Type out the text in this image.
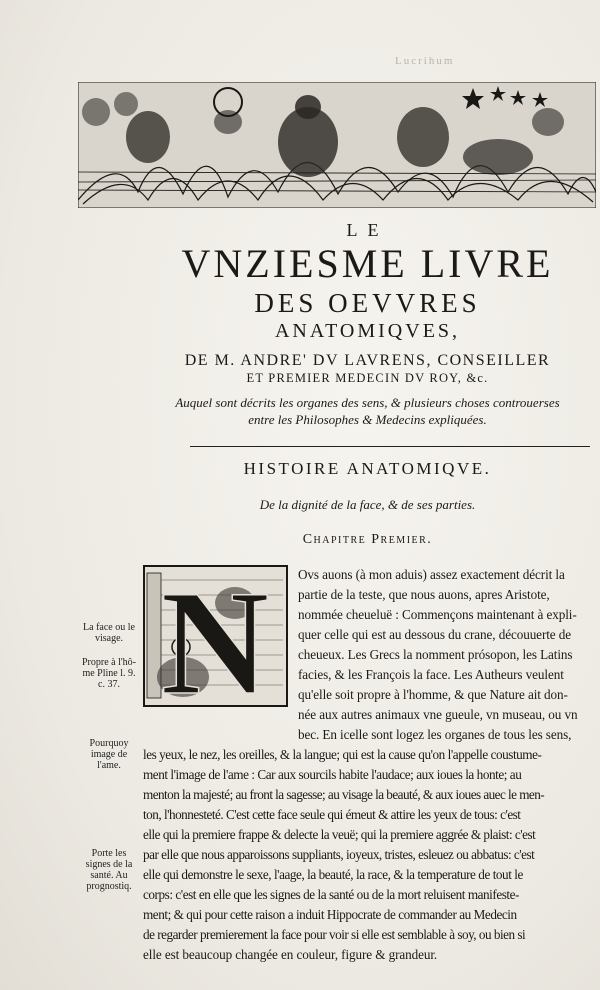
Lucrihum

LE

VNZIESME LIVRE

DES OEVVRES

ANATOMIQVES,

DE M. ANDRE' DV LAVRENS, CONSEILLER

ET PREMIER MEDECIN DV ROY, &c.

Auquel sont décrits les organes des sens, & plusieurs choses controuerses

entre les Philosophes & Medecins expliquées.

HISTOIRE ANATOMIQVE.
De la dignité de la face, & de ses parties.
Chapitre Premier.
N Ovs auons (à mon aduis) assez exactement décrit la
partie de la teste, que nous auons, apres Aristote,
nommée cheueluë : Commençons maintenant à expli-
quer celle qui est au dessous du crane, découuerte de
cheueux. Les Grecs la nomment prósopon, les Latins
facies, & les François la face. Les Autheurs veulent
qu'elle soit propre à l'homme, & que Nature ait don-
née aux autres animaux vne gueule, vn museau, ou vn
bec. En icelle sont logez les organes de tous les sens,
les yeux, le nez, les oreilles, & la langue; qui est la cause qu'on l'appelle coustume-
ment l'image de l'ame : Car aux sourcils habite l'audace; aux ioues la honte; au
menton la majesté; au front la sagesse; au visage la beauté, & aux ioues auec le men-
ton, l'honnesteté. C'est cette face seule qui émeut & attire les yeux de tous: c'est
elle qui la premiere frappe & delecte la veuë; qui la premiere aggrée & plaist: c'est
par elle que nous apparoissons suppliants, ioyeux, tristes, esleuez ou abbatus: c'est
elle qui demonstre le sexe, l'aage, la beauté, la race, & la temperature de tout le
corps: c'est en elle que les signes de la santé ou de la mort reluisent manifeste-
ment; & qui pour cette raison a induit Hippocrate de commander au Medecin
de regarder premierement la face pour voir si elle est semblable à soy, ou bien si
elle est beaucoup changée en couleur, figure & grandeur.
La face ou le visage.
Propre à l'hô-me Pline l. 9. c. 37.
Pourquoy image de l'ame.
Porte les signes de la santé. Au prognostiq.
